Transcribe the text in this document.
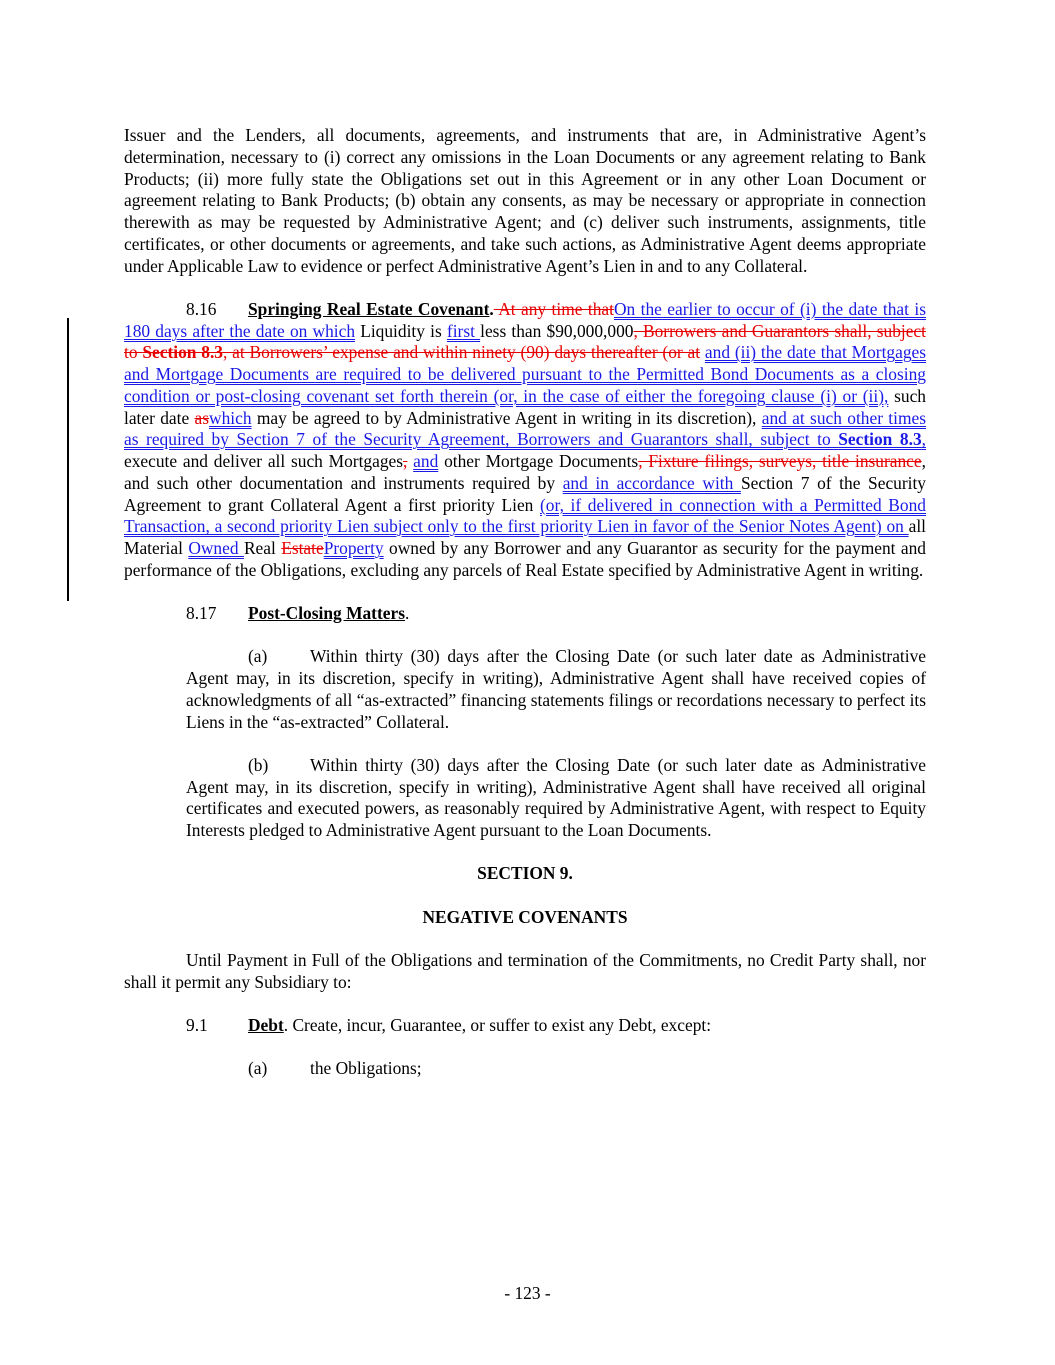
Issuer and the Lenders, all documents, agreements, and instruments that are, in Administrative Agent’s determination, necessary to (i) correct any omissions in the Loan Documents or any agreement relating to Bank Products; (ii) more fully state the Obligations set out in this Agreement or in any other Loan Document or agreement relating to Bank Products; (b) obtain any consents, as may be necessary or appropriate in connection therewith as may be requested by Administrative Agent; and (c) deliver such instruments, assignments, title certificates, or other documents or agreements, and take such actions, as Administrative Agent deems appropriate under Applicable Law to evidence or perfect Administrative Agent’s Lien in and to any Collateral.

8.16 Springing Real Estate Covenant. At any time thatOn the earlier to occur of (i) the date that is 180 days after the date on which Liquidity is first less than $90,000,000, Borrowers and Guarantors shall, subject to Section 8.3, at Borrowers’ expense and within ninety (90) days thereafter (or at and (ii) the date that Mortgages and Mortgage Documents are required to be delivered pursuant to the Permitted Bond Documents as a closing condition or post-closing covenant set forth therein (or, in the case of either the foregoing clause (i) or (ii), such later date aswhich may be agreed to by Administrative Agent in writing in its discretion), and at such other times as required by Section 7 of the Security Agreement, Borrowers and Guarantors shall, subject to Section 8.3, execute and deliver all such Mortgages, and other Mortgage Documents, Fixture filings, surveys, title insurance, and such other documentation and instruments required by and in accordance with Section 7 of the Security Agreement to grant Collateral Agent a first priority Lien (or, if delivered in connection with a Permitted Bond Transaction, a second priority Lien subject only to the first priority Lien in favor of the Senior Notes Agent) on all Material Owned Real EstateProperty owned by any Borrower and any Guarantor as security for the payment and performance of the Obligations, excluding any parcels of Real Estate specified by Administrative Agent in writing.

8.17 Post-Closing Matters.

(a) Within thirty (30) days after the Closing Date (or such later date as Administrative Agent may, in its discretion, specify in writing), Administrative Agent shall have received copies of acknowledgments of all “as-extracted” financing statements filings or recordations necessary to perfect its Liens in the “as-extracted” Collateral.

(b) Within thirty (30) days after the Closing Date (or such later date as Administrative Agent may, in its discretion, specify in writing), Administrative Agent shall have received all original certificates and executed powers, as reasonably required by Administrative Agent, with respect to Equity Interests pledged to Administrative Agent pursuant to the Loan Documents.

SECTION 9.

NEGATIVE COVENANTS

Until Payment in Full of the Obligations and termination of the Commitments, no Credit Party shall, nor shall it permit any Subsidiary to:

9.1 Debt. Create, incur, Guarantee, or suffer to exist any Debt, except:

(a) the Obligations;

- 123 -
